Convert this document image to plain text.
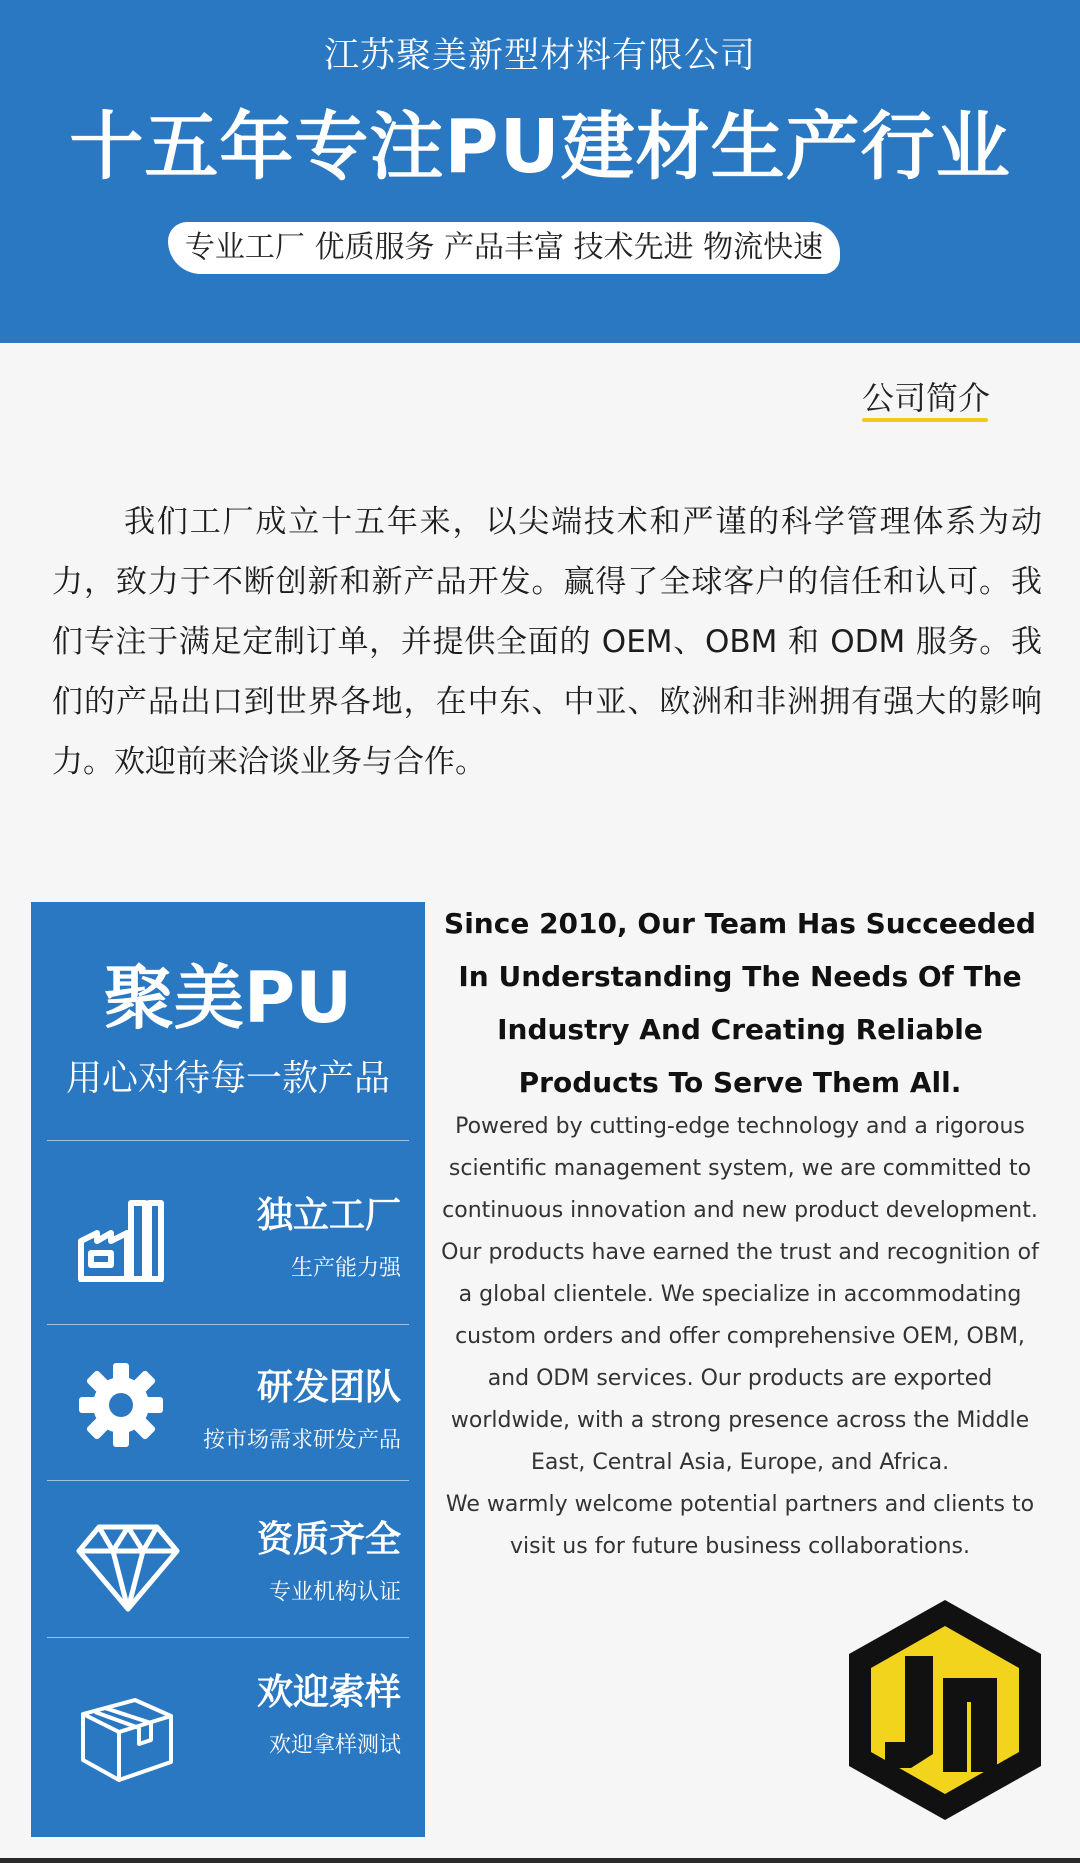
江苏聚美新型材料有限公司
十五年专注PU建材生产行业
专业工厂 优质服务 产品丰富 技术先进 物流快速
公司简介
我们工厂成立十五年来，以尖端技术和严谨的科学管理体系为动力，致力于不断创新和新产品开发。赢得了全球客户的信任和认可。我们专注于满足定制订单，并提供全面的 OEM、OBM 和 ODM 服务。我们的产品出口到世界各地，在中东、中亚、欧洲和非洲拥有强大的影响力。欢迎前来洽谈业务与合作。
聚美PU
用心对待每一款产品
独立工厂
生产能力强
研发团队
按市场需求研发产品
资质齐全
专业机构认证
欢迎索样
欢迎拿样测试
Since 2010, Our Team Has Succeeded In Understanding The Needs Of The Industry And Creating Reliable Products To Serve Them All.
Powered by cutting-edge technology and a rigorous scientific management system, we are committed to continuous innovation and new product development. Our products have earned the trust and recognition of a global clientele. We specialize in accommodating custom orders and offer comprehensive OEM, OBM, and ODM services. Our products are exported worldwide, with a strong presence across the Middle East, Central Asia, Europe, and Africa.
We warmly welcome potential partners and clients to visit us for future business collaborations.
